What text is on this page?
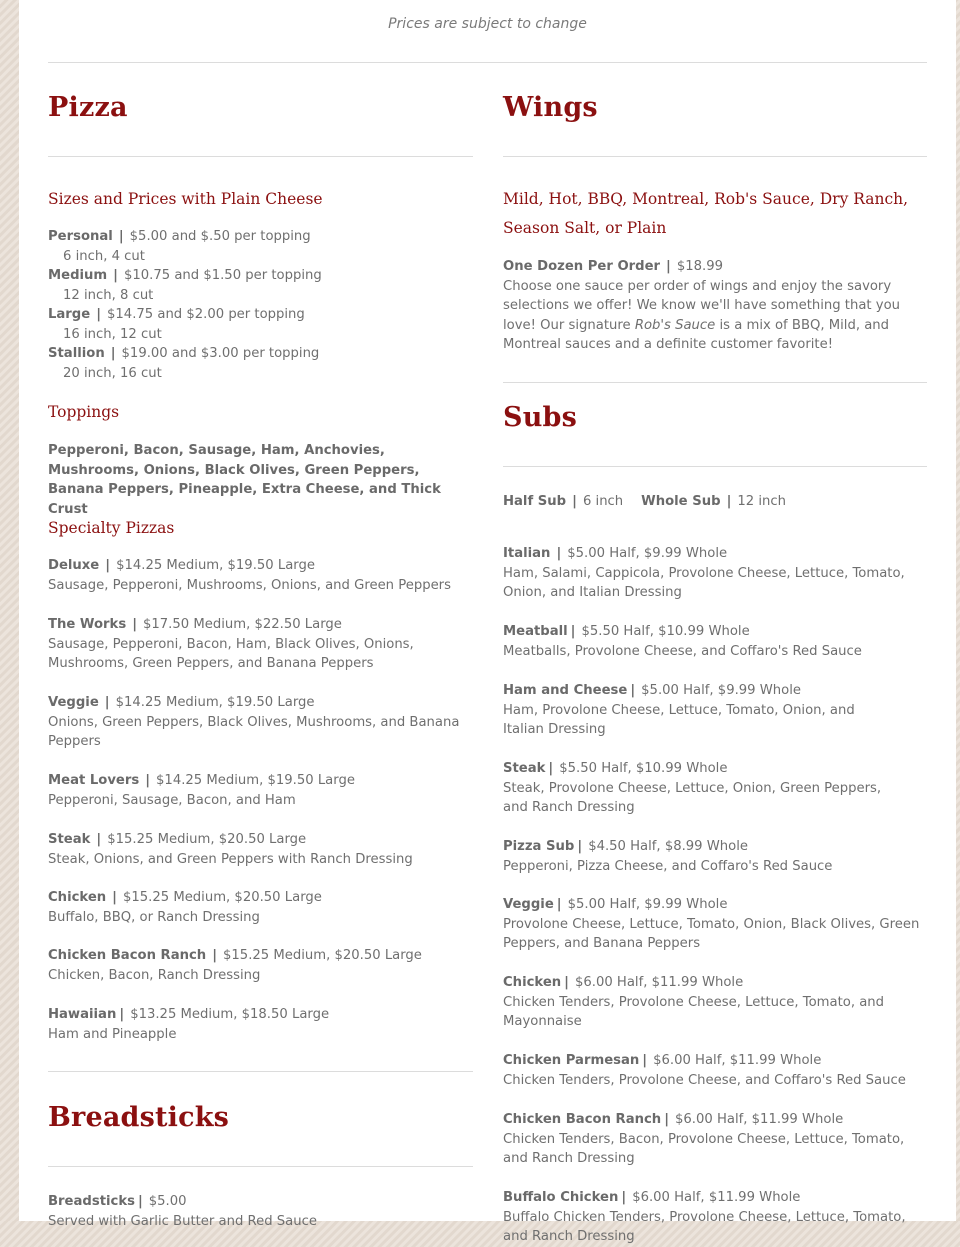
Prices are subject to change
Pizza
Sizes and Prices with Plain Cheese
Personal | $5.00 and $.50 per topping
6 inch, 4 cut
Medium | $10.75 and $1.50 per topping
12 inch, 8 cut
Large | $14.75 and $2.00 per topping
16 inch, 12 cut
Stallion | $19.00 and $3.00 per topping
20 inch, 16 cut
Toppings
Pepperoni, Bacon, Sausage, Ham, Anchovies, Mushrooms, Onions, Black Olives, Green Peppers, Banana Peppers, Pineapple, Extra Cheese, and Thick Crust
Specialty Pizzas
Deluxe | $14.25 Medium, $19.50 Large
Sausage, Pepperoni, Mushrooms, Onions, and Green Peppers
The Works | $17.50 Medium, $22.50 Large
Sausage, Pepperoni, Bacon, Ham, Black Olives, Onions, Mushrooms, Green Peppers, and Banana Peppers
Veggie | $14.25 Medium, $19.50 Large
Onions, Green Peppers, Black Olives, Mushrooms, and Banana Peppers
Meat Lovers | $14.25 Medium, $19.50 Large
Pepperoni, Sausage, Bacon, and Ham
Steak | $15.25 Medium, $20.50 Large
Steak, Onions, and Green Peppers with Ranch Dressing
Chicken | $15.25 Medium, $20.50 Large
Buffalo, BBQ, or Ranch Dressing
Chicken Bacon Ranch | $15.25 Medium, $20.50 Large
Chicken, Bacon, Ranch Dressing
Hawaiian | $13.25 Medium, $18.50 Large
Ham and Pineapple
Breadsticks
Breadsticks | $5.00
Served with Garlic Butter and Red Sauce
Wings
Mild, Hot, BBQ, Montreal, Rob's Sauce, Dry Ranch, Season Salt, or Plain
One Dozen Per Order | $18.99
Choose one sauce per order of wings and enjoy the savory selections we offer! We know we'll have something that you love! Our signature Rob's Sauce is a mix of BBQ, Mild, and Montreal sauces and a definite customer favorite!
Subs
Half Sub | 6 inch Whole Sub | 12 inch
Italian | $5.00 Half, $9.99 Whole
Ham, Salami, Cappicola, Provolone Cheese, Lettuce, Tomato, Onion, and Italian Dressing
Meatball | $5.50 Half, $10.99 Whole
Meatballs, Provolone Cheese, and Coffaro's Red Sauce
Ham and Cheese | $5.00 Half, $9.99 Whole
Ham, Provolone Cheese, Lettuce, Tomato, Onion, and Italian Dressing
Steak | $5.50 Half, $10.99 Whole
Steak, Provolone Cheese, Lettuce, Onion, Green Peppers, and Ranch Dressing
Pizza Sub | $4.50 Half, $8.99 Whole
Pepperoni, Pizza Cheese, and Coffaro's Red Sauce
Veggie | $5.00 Half, $9.99 Whole
Provolone Cheese, Lettuce, Tomato, Onion, Black Olives, Green Peppers, and Banana Peppers
Chicken | $6.00 Half, $11.99 Whole
Chicken Tenders, Provolone Cheese, Lettuce, Tomato, and Mayonnaise
Chicken Parmesan | $6.00 Half, $11.99 Whole
Chicken Tenders, Provolone Cheese, and Coffaro's Red Sauce
Chicken Bacon Ranch | $6.00 Half, $11.99 Whole
Chicken Tenders, Bacon, Provolone Cheese, Lettuce, Tomato, and Ranch Dressing
Buffalo Chicken | $6.00 Half, $11.99 Whole
Buffalo Chicken Tenders, Provolone Cheese, Lettuce, Tomato, and Ranch Dressing
